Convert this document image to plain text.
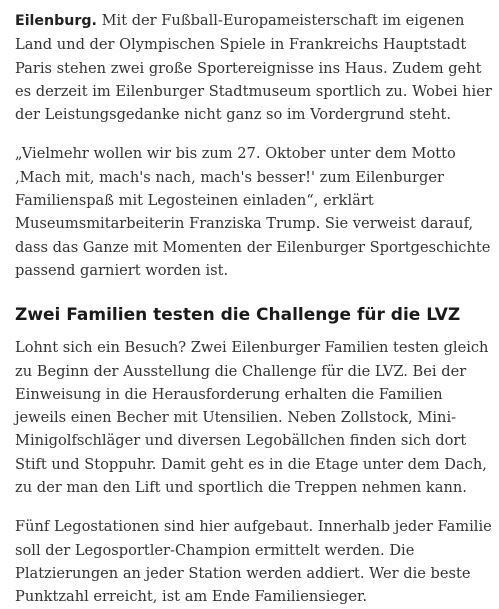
Eilenburg. Mit der Fußball-Europameisterschaft im eigenen Land und der Olympischen Spiele in Frankreichs Hauptstadt Paris stehen zwei große Sportereignisse ins Haus. Zudem geht es derzeit im Eilenburger Stadtmuseum sportlich zu. Wobei hier der Leistungsgedanke nicht ganz so im Vordergrund steht.

„Vielmehr wollen wir bis zum 27. Oktober unter dem Motto ‚Mach mit, mach's nach, mach's besser!' zum Eilenburger Familienspaß mit Legosteinen einladen“, erklärt Museumsmitarbeiterin Franziska Trump. Sie verweist darauf, dass das Ganze mit Momenten der Eilenburger Sportgeschichte passend garniert worden ist.

Zwei Familien testen die Challenge für die LVZ

Lohnt sich ein Besuch? Zwei Eilenburger Familien testen gleich zu Beginn der Ausstellung die Challenge für die LVZ. Bei der Einweisung in die Herausforderung erhalten die Familien jeweils einen Becher mit Utensilien. Neben Zollstock, Mini-Minigolfschläger und diversen Legobällchen finden sich dort Stift und Stoppuhr. Damit geht es in die Etage unter dem Dach, zu der man den Lift und sportlich die Treppen nehmen kann.

Fünf Legostationen sind hier aufgebaut. Innerhalb jeder Familie soll der Legosportler-Champion ermittelt werden. Die Platzierungen an jeder Station werden addiert. Wer die beste Punktzahl erreicht, ist am Ende Familiensieger.
